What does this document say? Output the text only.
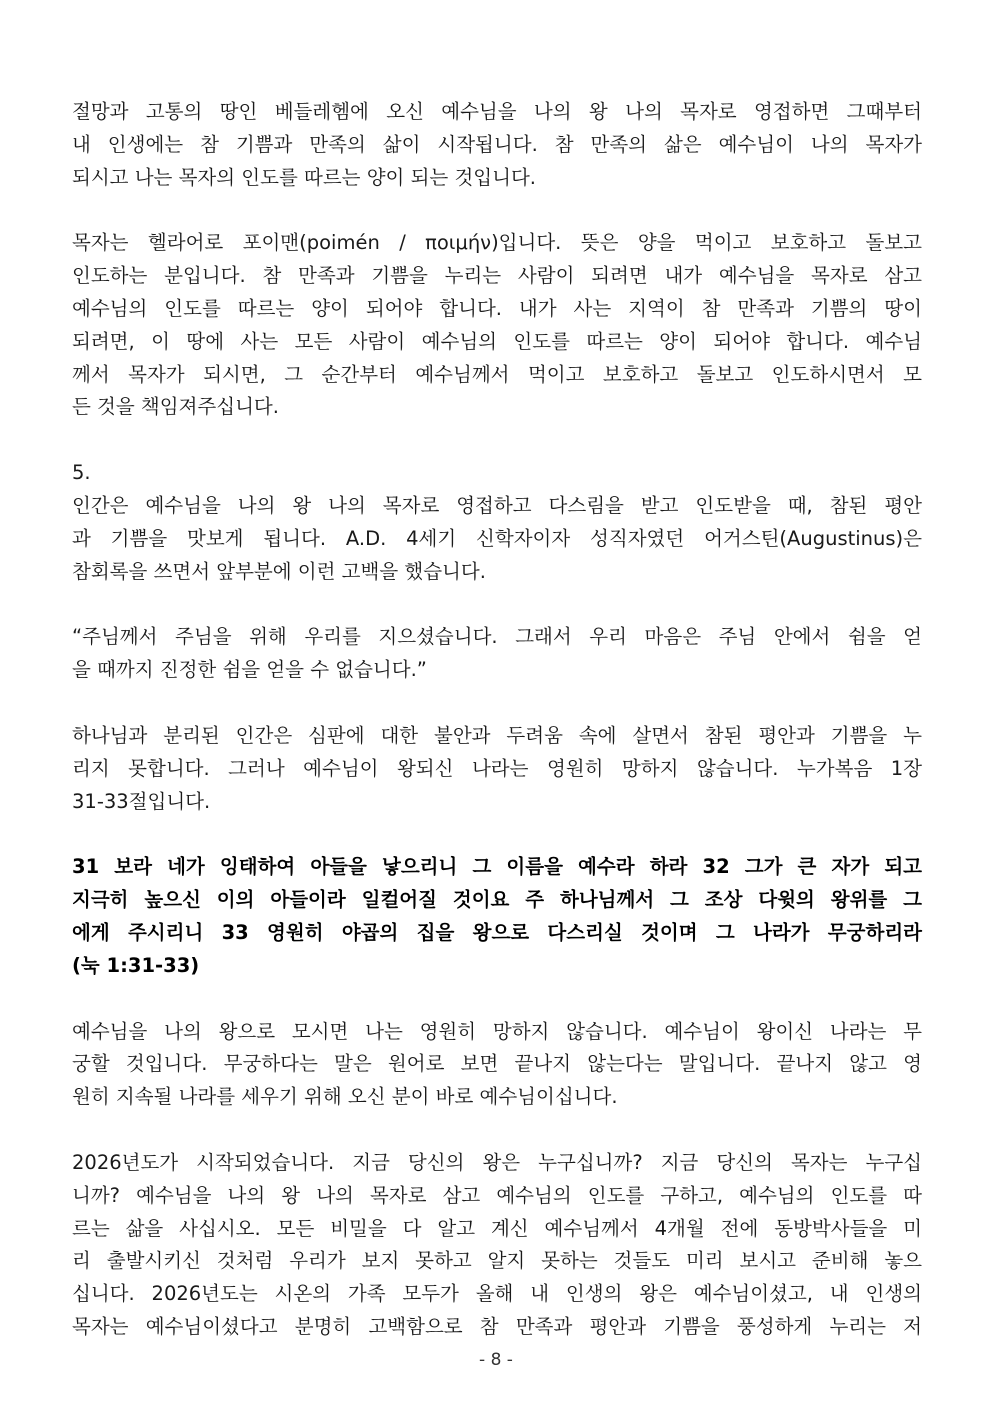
절망과 고통의 땅인 베들레헴에 오신 예수님을 나의 왕 나의 목자로 영접하면 그때부터
내 인생에는 참 기쁨과 만족의 삶이 시작됩니다. 참 만족의 삶은 예수님이 나의 목자가
되시고 나는 목자의 인도를 따르는 양이 되는 것입니다.
목자는 헬라어로 포이맨(poimén / ποιμήν)입니다. 뜻은 양을 먹이고 보호하고 돌보고
인도하는 분입니다. 참 만족과 기쁨을 누리는 사람이 되려면 내가 예수님을 목자로 삼고
예수님의 인도를 따르는 양이 되어야 합니다. 내가 사는 지역이 참 만족과 기쁨의 땅이
되려면, 이 땅에 사는 모든 사람이 예수님의 인도를 따르는 양이 되어야 합니다. 예수님
께서 목자가 되시면, 그 순간부터 예수님께서 먹이고 보호하고 돌보고 인도하시면서 모
든 것을 책임져주십니다.
5.
인간은 예수님을 나의 왕 나의 목자로 영접하고 다스림을 받고 인도받을 때, 참된 평안
과 기쁨을 맛보게 됩니다. A.D. 4세기 신학자이자 성직자였던 어거스틴(Augustinus)은
참회록을 쓰면서 앞부분에 이런 고백을 했습니다.
“주님께서 주님을 위해 우리를 지으셨습니다. 그래서 우리 마음은 주님 안에서 쉼을 얻
을 때까지 진정한 쉼을 얻을 수 없습니다.”
하나님과 분리된 인간은 심판에 대한 불안과 두려움 속에 살면서 참된 평안과 기쁨을 누
리지 못합니다. 그러나 예수님이 왕되신 나라는 영원히 망하지 않습니다. 누가복음 1장
31-33절입니다.
31 보라 네가 잉태하여 아들을 낳으리니 그 이름을 예수라 하라 32 그가 큰 자가 되고
지극히 높으신 이의 아들이라 일컬어질 것이요 주 하나님께서 그 조상 다윗의 왕위를 그
에게 주시리니 33 영원히 야곱의 집을 왕으로 다스리실 것이며 그 나라가 무궁하리라
(눅 1:31-33)
예수님을 나의 왕으로 모시면 나는 영원히 망하지 않습니다. 예수님이 왕이신 나라는 무
궁할 것입니다. 무궁하다는 말은 원어로 보면 끝나지 않는다는 말입니다. 끝나지 않고 영
원히 지속될 나라를 세우기 위해 오신 분이 바로 예수님이십니다.
2026년도가 시작되었습니다. 지금 당신의 왕은 누구십니까? 지금 당신의 목자는 누구십
니까? 예수님을 나의 왕 나의 목자로 삼고 예수님의 인도를 구하고, 예수님의 인도를 따
르는 삶을 사십시오. 모든 비밀을 다 알고 계신 예수님께서 4개월 전에 동방박사들을 미
리 출발시키신 것처럼 우리가 보지 못하고 알지 못하는 것들도 미리 보시고 준비해 놓으
십니다. 2026년도는 시온의 가족 모두가 올해 내 인생의 왕은 예수님이셨고, 내 인생의
목자는 예수님이셨다고 분명히 고백함으로 참 만족과 평안과 기쁨을 풍성하게 누리는 저
- 8 -
